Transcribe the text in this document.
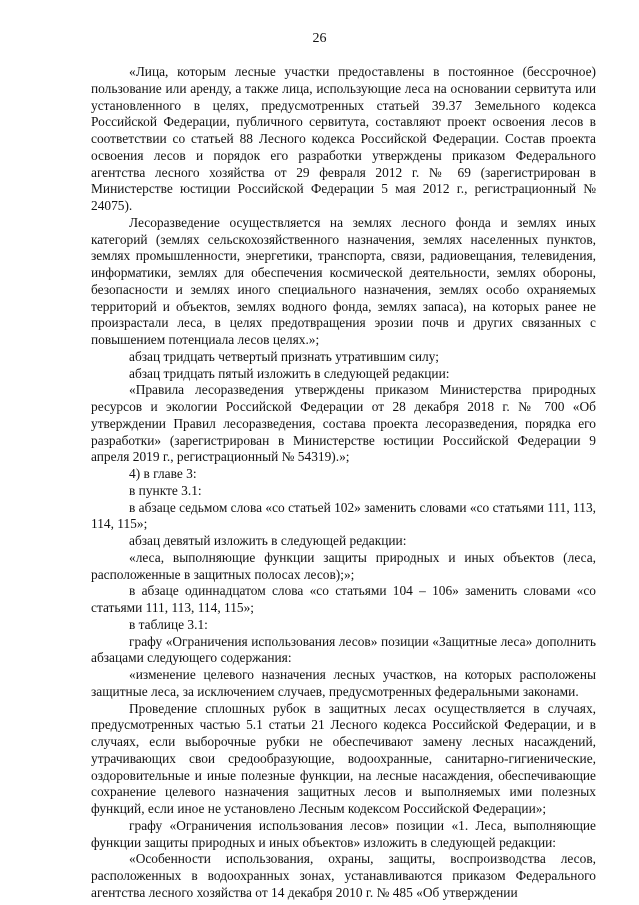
26

«Лица, которым лесные участки предоставлены в постоянное (бессрочное) пользование или аренду, а также лица, использующие леса на основании сервитута или установленного в целях, предусмотренных статьей 39.37 Земельного кодекса Российской Федерации, публичного сервитута, составляют проект освоения лесов в соответствии со статьей 88 Лесного кодекса Российской Федерации. Состав проекта освоения лесов и порядок его разработки утверждены приказом Федерального агентства лесного хозяйства от 29 февраля 2012 г. № 69 (зарегистрирован в Министерстве юстиции Российской Федерации 5 мая 2012 г., регистрационный № 24075).

Лесоразведение осуществляется на землях лесного фонда и землях иных категорий (землях сельскохозяйственного назначения, землях населенных пунктов, землях промышленности, энергетики, транспорта, связи, радиовещания, телевидения, информатики, землях для обеспечения космической деятельности, землях обороны, безопасности и землях иного специального назначения, землях особо охраняемых территорий и объектов, землях водного фонда, землях запаса), на которых ранее не произрастали леса, в целях предотвращения эрозии почв и других связанных с повышением потенциала лесов целях.»;

абзац тридцать четвертый признать утратившим силу;

абзац тридцать пятый изложить в следующей редакции:

«Правила лесоразведения утверждены приказом Министерства природных ресурсов и экологии Российской Федерации от 28 декабря 2018 г. № 700 «Об утверждении Правил лесоразведения, состава проекта лесоразведения, порядка его разработки» (зарегистрирован в Министерстве юстиции Российской Федерации 9 апреля 2019 г., регистрационный № 54319).»;

4) в главе 3:

в пункте 3.1:

в абзаце седьмом слова «со статьей 102» заменить словами «со статьями 111, 113, 114, 115»;

абзац девятый изложить в следующей редакции:

«леса, выполняющие функции защиты природных и иных объектов (леса, расположенные в защитных полосах лесов);»;

в абзаце одиннадцатом слова «со статьями 104 – 106» заменить словами «со статьями 111, 113, 114, 115»;

в таблице 3.1:

графу «Ограничения использования лесов» позиции «Защитные леса» дополнить абзацами следующего содержания:

«изменение целевого назначения лесных участков, на которых расположены защитные леса, за исключением случаев, предусмотренных федеральными законами.

Проведение сплошных рубок в защитных лесах осуществляется в случаях, предусмотренных частью 5.1 статьи 21 Лесного кодекса Российской Федерации, и в случаях, если выборочные рубки не обеспечивают замену лесных насаждений, утрачивающих свои средообразующие, водоохранные, санитарно-гигиенические, оздоровительные и иные полезные функции, на лесные насаждения, обеспечивающие сохранение целевого назначения защитных лесов и выполняемых ими полезных функций, если иное не установлено Лесным кодексом Российской Федерации»;

графу «Ограничения использования лесов» позиции «1. Леса, выполняющие функции защиты природных и иных объектов» изложить в следующей редакции:

«Особенности использования, охраны, защиты, воспроизводства лесов, расположенных в водоохранных зонах, устанавливаются приказом Федерального агентства лесного хозяйства от 14 декабря 2010 г. № 485 «Об утверждении
